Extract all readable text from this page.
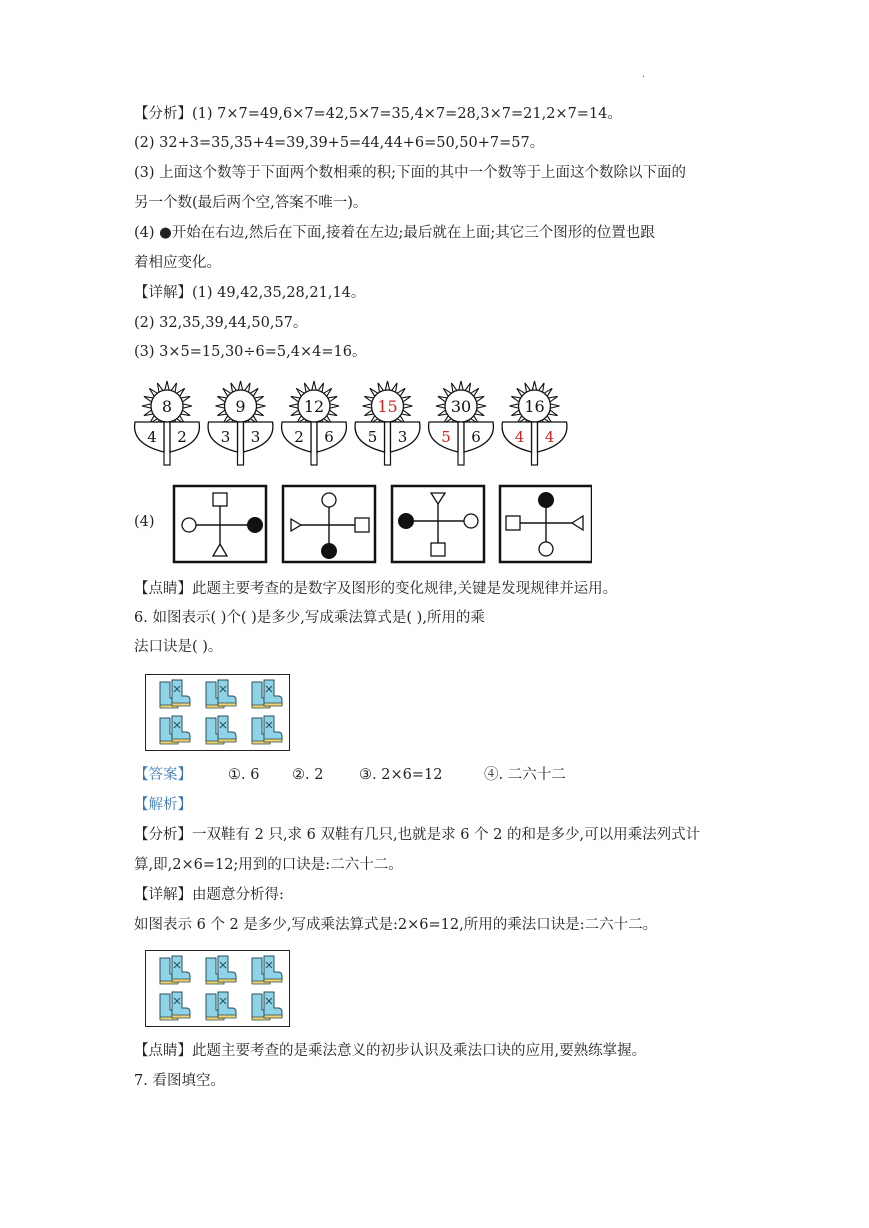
·
【分析】(1) 7×7=49,6×7=42,5×7=35,4×7=28,3×7=21,2×7=14。
(2) 32+3=35,35+4=39,39+5=44,44+6=50,50+7=57。
(3) 上面这个数等于下面两个数相乘的积;下面的其中一个数等于上面这个数除以下面的
另一个数(最后两个空,答案不唯一)。
(4) ●开始在右边,然后在下面,接着在左边;最后就在上面;其它三个图形的位置也跟
着相应变化。
【详解】(1) 49,42,35,28,21,14。
(2) 32,35,39,44,50,57。
(3) 3×5=15,30÷6=5,4×4=16。
8
4 2
9
3 3
12
2 6
15
5 3
30
5 6
16
4 4
(4)
【点睛】此题主要考查的是数字及图形的变化规律,关键是发现规律并运用。
6. 如图表示( )个( )是多少,写成乘法算式是( ),所用的乘
法口诀是( )。
【答案】 ①. 6 ②. 2 ③. 2×6=12	④. 二六十二
【解析】
【分析】一双鞋有 2 只,求 6 双鞋有几只,也就是求 6 个 2 的和是多少,可以用乘法列式计
算,即,2×6=12;用到的口诀是:二六十二。
【详解】由题意分析得:
如图表示 6 个 2 是多少,写成乘法算式是:2×6=12,所用的乘法口诀是:二六十二。
【点睛】此题主要考查的是乘法意义的初步认识及乘法口诀的应用,要熟练掌握。
7. 看图填空。
